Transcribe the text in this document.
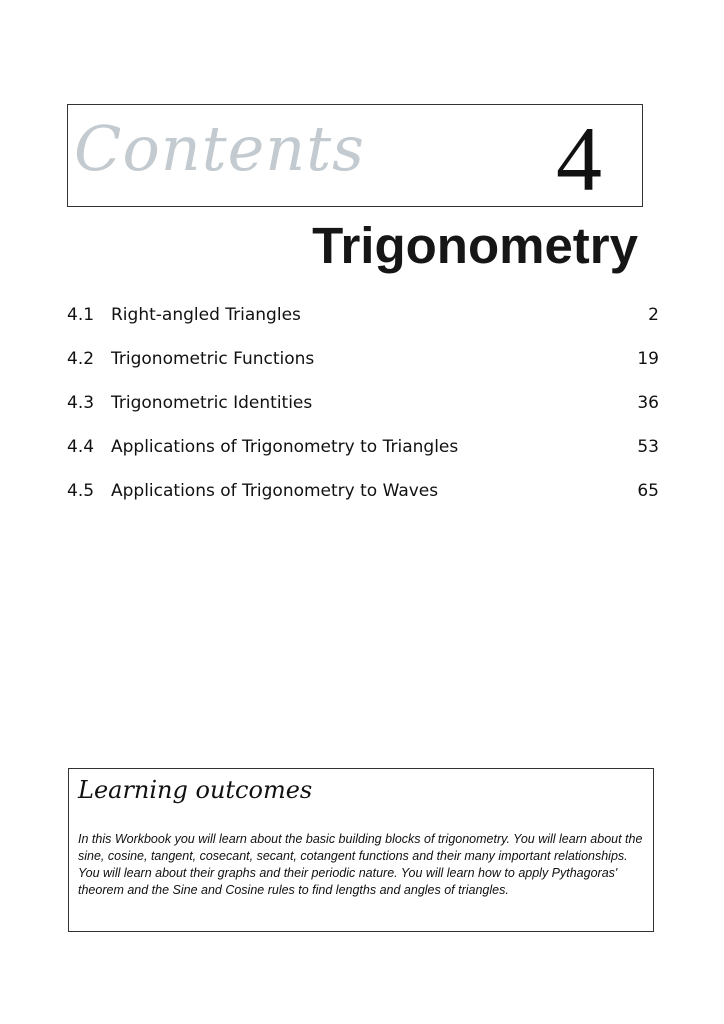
Contents 4
Trigonometry
4.1 Right-angled Triangles	2
4.2 Trigonometric Functions	19
4.3 Trigonometric Identities	36
4.4 Applications of Trigonometry to Triangles	53
4.5 Applications of Trigonometry to Waves	65
Learning outcomes

In this Workbook you will learn about the basic building blocks of trigonometry. You will learn about the sine, cosine, tangent, cosecant, secant, cotangent functions and their many important relationships. You will learn about their graphs and their periodic nature. You will learn how to apply Pythagoras' theorem and the Sine and Cosine rules to find lengths and angles of triangles.
